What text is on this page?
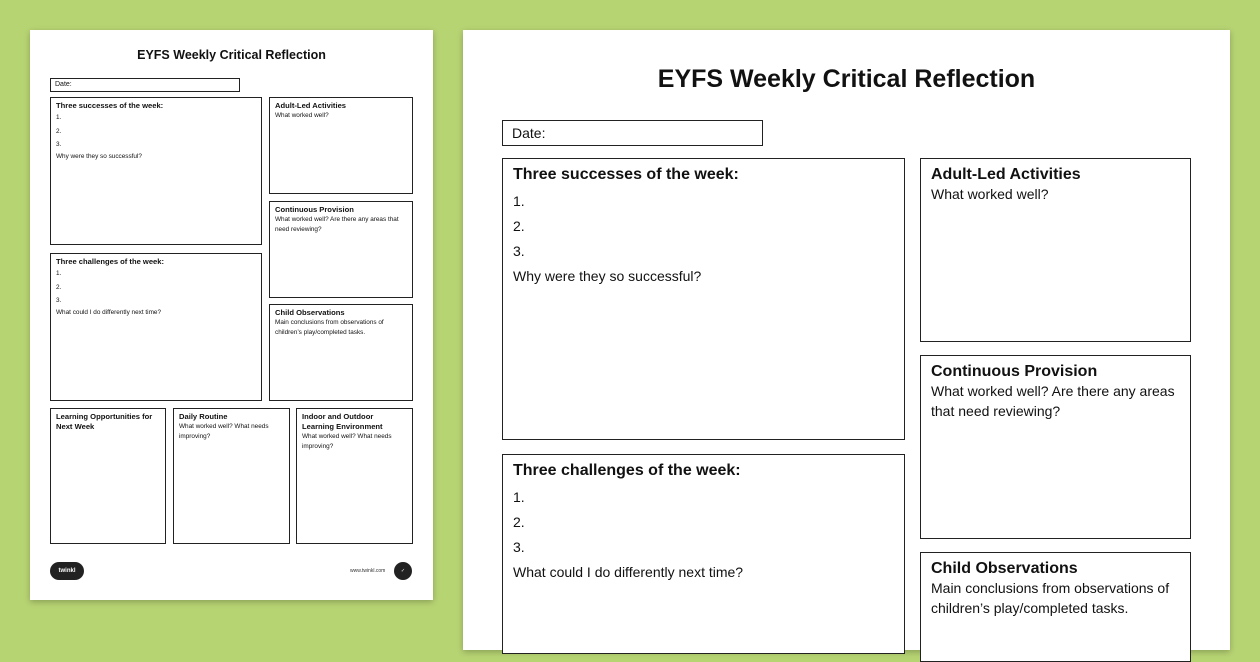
EYFS Weekly Critical Reflection
Date:
Three successes of the week:
1.
2.
3.
Why were they so successful?
Three challenges of the week:
1.
2.
3.
What could I do differently next time?
Adult-Led Activities
What worked well?
Continuous Provision
What worked well? Are there any areas that need reviewing?
Child Observations
Main conclusions from observations of children’s play/completed tasks.
Learning Opportunities for Next Week
Daily Routine
What worked well? What needs improving?
Indoor and Outdoor Learning Environment
What worked well? What needs improving?
twinkl	www.twinkl.com	✓
EYFS Weekly Critical Reflection
Date:
Three successes of the week:
1.
2.
3.
Why were they so successful?
Three challenges of the week:
1.
2.
3.
What could I do differently next time?
Adult-Led Activities
What worked well?
Continuous Provision
What worked well? Are there any areas that need reviewing?
Child Observations
Main conclusions from observations of children’s play/completed tasks.
